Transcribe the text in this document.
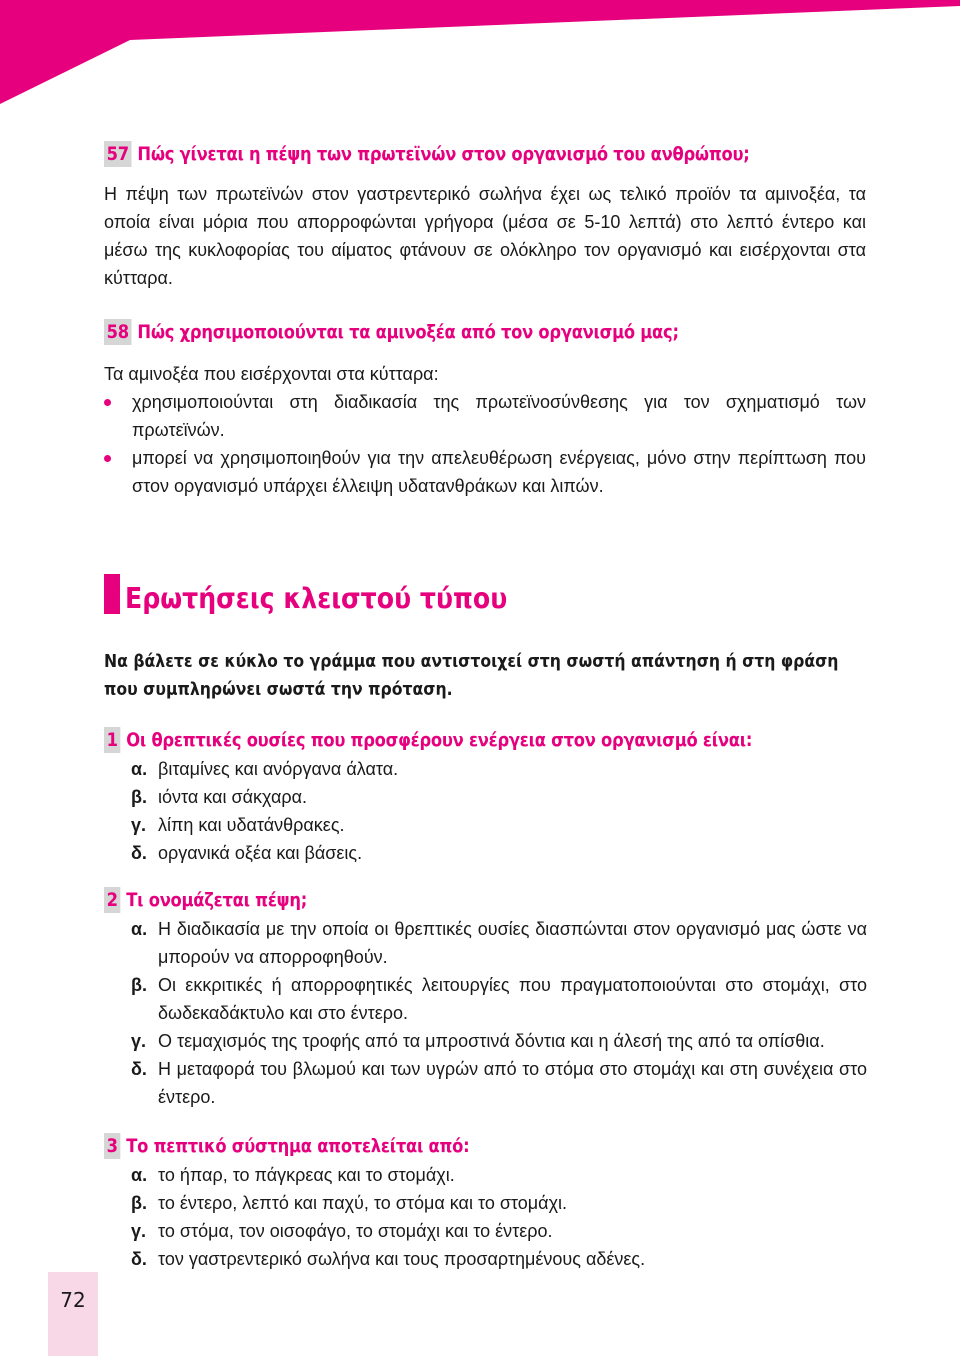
57 Πώς γίνεται η πέψη των πρωτεϊνών στον οργανισμό του ανθρώπου;
Η πέψη των πρωτεϊνών στον γαστρεντερικό σωλήνα έχει ως τελικό προϊόν τα αμινοξέα, τα οποία είναι μόρια που απορροφώνται γρήγορα (μέσα σε 5-10 λεπτά) στο λεπτό έντερο και μέσω της κυκλοφορίας του αίματος φτάνουν σε ολόκληρο τον οργανισμό και εισέρχονται στα κύτταρα.
58 Πώς χρησιμοποιούνται τα αμινοξέα από τον οργανισμό μας;
Τα αμινοξέα που εισέρχονται στα κύτταρα:
χρησιμοποιούνται στη διαδικασία της πρωτεϊνοσύνθεσης για τον σχηματισμό των πρωτεϊνών.
μπορεί να χρησιμοποιηθούν για την απελευθέρωση ενέργειας, μόνο στην περίπτωση που στον οργανισμό υπάρχει έλλειψη υδατανθράκων και λιπών.
Ερωτήσεις κλειστού τύπου
Να βάλετε σε κύκλο το γράμμα που αντιστοιχεί στη σωστή απάντηση ή στη φράση που συμπληρώνει σωστά την πρόταση.
1 Οι θρεπτικές ουσίες που προσφέρουν ενέργεια στον οργανισμό είναι:
α. βιταμίνες και ανόργανα άλατα.
β. ιόντα και σάκχαρα.
γ. λίπη και υδατάνθρακες.
δ. οργανικά οξέα και βάσεις.
2 Τι ονομάζεται πέψη;
α. Η διαδικασία με την οποία οι θρεπτικές ουσίες διασπώνται στον οργανισμό μας ώστε να μπορούν να απορροφηθούν.
β. Οι εκκριτικές ή απορροφητικές λειτουργίες που πραγματοποιούνται στο στομάχι, στο δωδεκαδάκτυλο και στο έντερο.
γ. Ο τεμαχισμός της τροφής από τα μπροστινά δόντια και η άλεσή της από τα οπίσθια.
δ. Η μεταφορά του βλωμού και των υγρών από το στόμα στο στομάχι και στη συνέχεια στο έντερο.
3 Το πεπτικό σύστημα αποτελείται από:
α. το ήπαρ, το πάγκρεας και το στομάχι.
β. το έντερο, λεπτό και παχύ, το στόμα και το στομάχι.
γ. το στόμα, τον οισοφάγο, το στομάχι και το έντερο.
δ. τον γαστρεντερικό σωλήνα και τους προσαρτημένους αδένες.
72
